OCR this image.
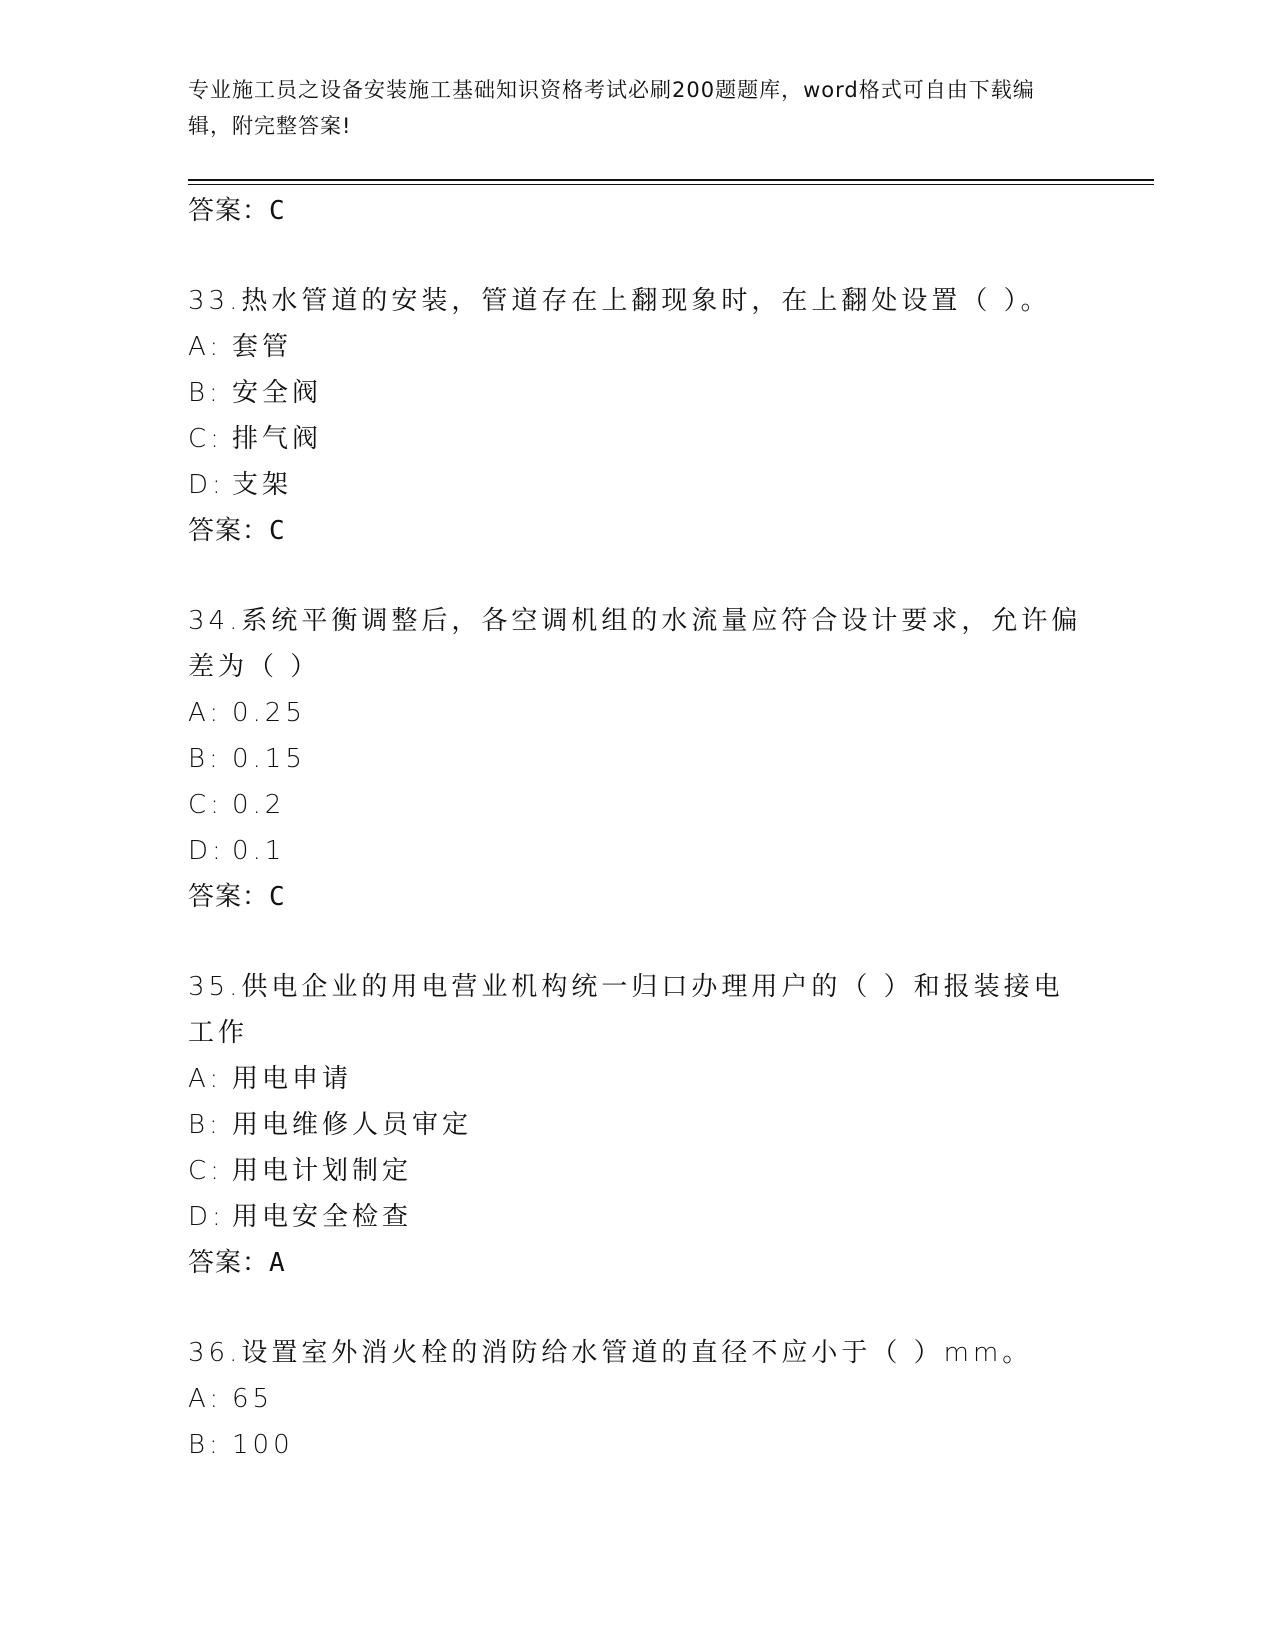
专业施工员之设备安装施工基础知识资格考试必刷200题题库，word格式可自由下载编辑，附完整答案!
答案：C
33.热水管道的安装，管道存在上翻现象时，在上翻处设置（ ）。
A: 套管
B: 安全阀
C: 排气阀
D: 支架
答案：C
34.系统平衡调整后，各空调机组的水流量应符合设计要求，允许偏差为（ ）
A: 0.25
B: 0.15
C: 0.2
D: 0.1
答案：C
35.供电企业的用电营业机构统一归口办理用户的（ ）和报装接电工作
A: 用电申请
B: 用电维修人员审定
C: 用电计划制定
D: 用电安全检查
答案：A
36.设置室外消火栓的消防给水管道的直径不应小于（ ）mm。
A: 65
B: 100
